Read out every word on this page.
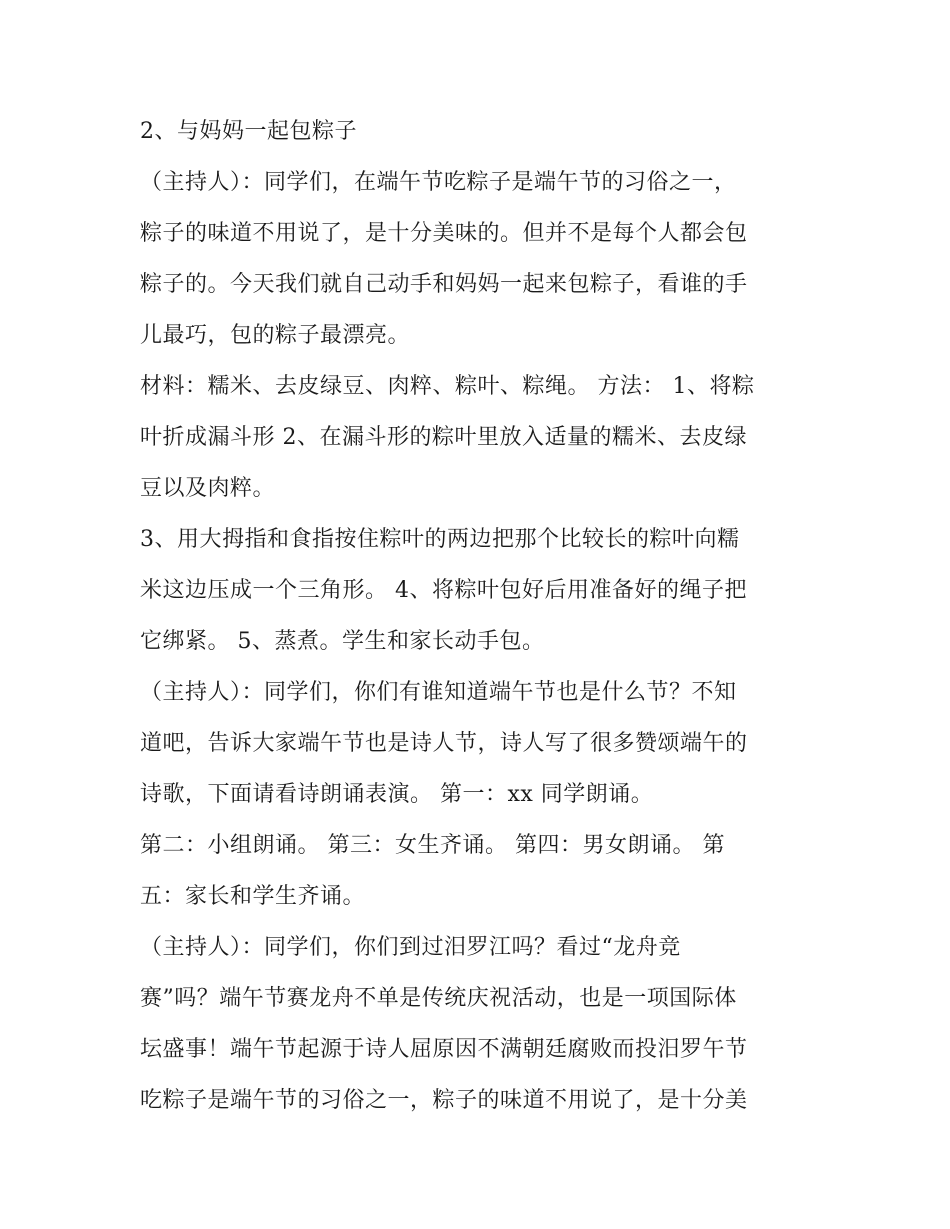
2、与妈妈一起包粽子
（主持人）：同学们，在端午节吃粽子是端午节的习俗之一，
粽子的味道不用说了，是十分美味的。但并不是每个人都会包
粽子的。今天我们就自己动手和妈妈一起来包粽子，看谁的手
儿最巧，包的粽子最漂亮。
材料：糯米、去皮绿豆、肉粹、粽叶、粽绳。 方法： 1、将粽
叶折成漏斗形 2、在漏斗形的粽叶里放入适量的糯米、去皮绿
豆以及肉粹。
3、用大拇指和食指按住粽叶的两边把那个比较长的粽叶向糯
米这边压成一个三角形。 4、将粽叶包好后用准备好的绳子把
它绑紧。 5、蒸煮。学生和家长动手包。
（主持人）：同学们，你们有谁知道端午节也是什么节？不知
道吧，告诉大家端午节也是诗人节，诗人写了很多赞颂端午的
诗歌，下面请看诗朗诵表演。 第一：xx 同学朗诵。
第二：小组朗诵。 第三：女生齐诵。 第四：男女朗诵。 第
五：家长和学生齐诵。
（主持人）：同学们，你们到过汨罗江吗？看过“龙舟竞
赛”吗？端午节赛龙舟不单是传统庆祝活动，也是一项国际体
坛盛事！端午节起源于诗人屈原因不满朝廷腐败而投汨罗午节
吃粽子是端午节的习俗之一，粽子的味道不用说了，是十分美
